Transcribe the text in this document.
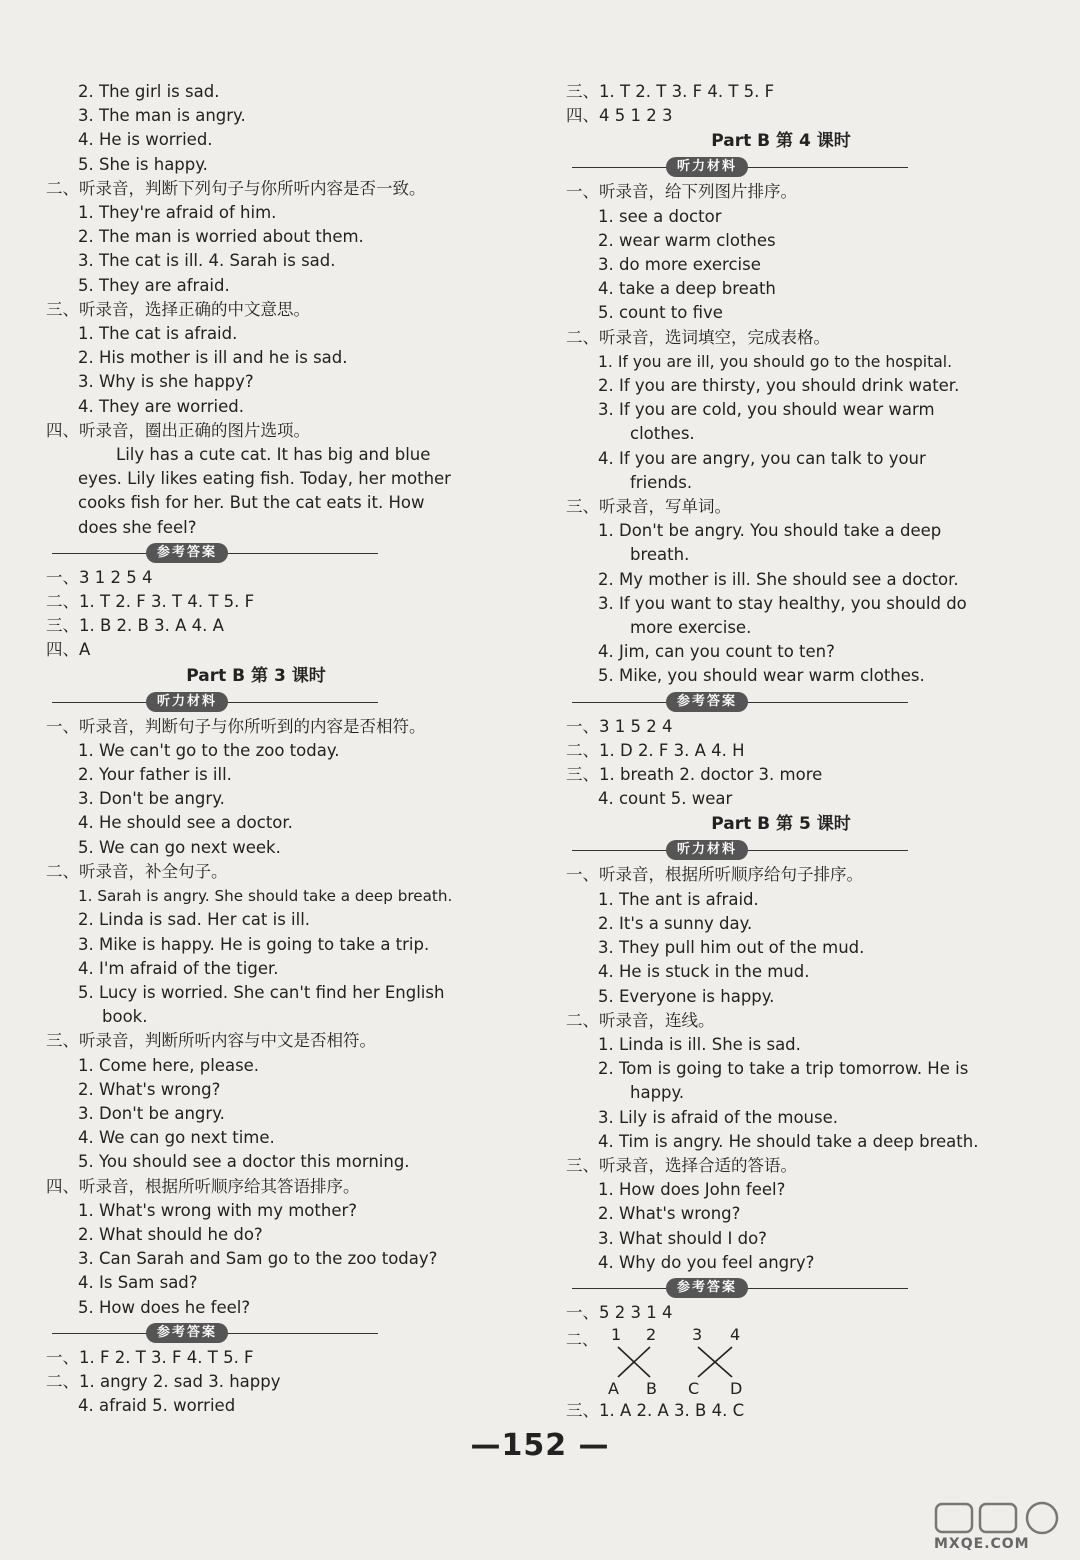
2. The girl is sad.
3. The man is angry.
4. He is worried.
5. She is happy.
二、听录音，判断下列句子与你所听内容是否一致。
1. They're afraid of him.
2. The man is worried about them.
3. The cat is ill. 4. Sarah is sad.
5. They are afraid.
三、听录音，选择正确的中文意思。
1. The cat is afraid.
2. His mother is ill and he is sad.
3. Why is she happy?
4. They are worried.
四、听录音，圈出正确的图片选项。
Lily has a cute cat. It has big and blue
eyes. Lily likes eating fish. Today, her mother
cooks fish for her. But the cat eats it. How
does she feel?
参考答案
一、3 1 2 5 4
二、1. T 2. F 3. T 4. T 5. F
三、1. B 2. B 3. A 4. A
四、A
Part B 第 3 课时
听力材料
一、听录音，判断句子与你所听到的内容是否相符。
1. We can't go to the zoo today.
2. Your father is ill.
3. Don't be angry.
4. He should see a doctor.
5. We can go next week.
二、听录音，补全句子。
1. Sarah is angry. She should take a deep breath.
2. Linda is sad. Her cat is ill.
3. Mike is happy. He is going to take a trip.
4. I'm afraid of the tiger.
5. Lucy is worried. She can't find her English
book.
三、听录音，判断所听内容与中文是否相符。
1. Come here, please.
2. What's wrong?
3. Don't be angry.
4. We can go next time.
5. You should see a doctor this morning.
四、听录音，根据所听顺序给其答语排序。
1. What's wrong with my mother?
2. What should he do?
3. Can Sarah and Sam go to the zoo today?
4. Is Sam sad?
5. How does he feel?
参考答案
一、1. F 2. T 3. F 4. T 5. F
二、1. angry 2. sad 3. happy
4. afraid 5. worried
三、1. T 2. T 3. F 4. T 5. F
四、4 5 1 2 3
Part B 第 4 课时
听力材料
一、听录音，给下列图片排序。
1. see a doctor
2. wear warm clothes
3. do more exercise
4. take a deep breath
5. count to five
二、听录音，选词填空，完成表格。
1. If you are ill, you should go to the hospital.
2. If you are thirsty, you should drink water.
3. If you are cold, you should wear warm
clothes.
4. If you are angry, you can talk to your
friends.
三、听录音，写单词。
1. Don't be angry. You should take a deep
breath.
2. My mother is ill. She should see a doctor.
3. If you want to stay healthy, you should do
more exercise.
4. Jim, can you count to ten?
5. Mike, you should wear warm clothes.
参考答案
一、3 1 5 2 4
二、1. D 2. F 3. A 4. H
三、1. breath 2. doctor 3. more
4. count 5. wear
Part B 第 5 课时
听力材料
一、听录音，根据所听顺序给句子排序。
1. The ant is afraid.
2. It's a sunny day.
3. They pull him out of the mud.
4. He is stuck in the mud.
5. Everyone is happy.
二、听录音，连线。
1. Linda is ill. She is sad.
2. Tom is going to take a trip tomorrow. He is
happy.
3. Lily is afraid of the mouse.
4. Tim is angry. He should take a deep breath.
三、听录音，选择合适的答语。
1. How does John feel?
2. What's wrong?
3. What should I do?
4. Why do you feel angry?
参考答案
一、5 2 3 1 4
二、 1 2 3 4
A B C D
三、1. A 2. A 3. B 4. C
—152 —
MXQE.COM
